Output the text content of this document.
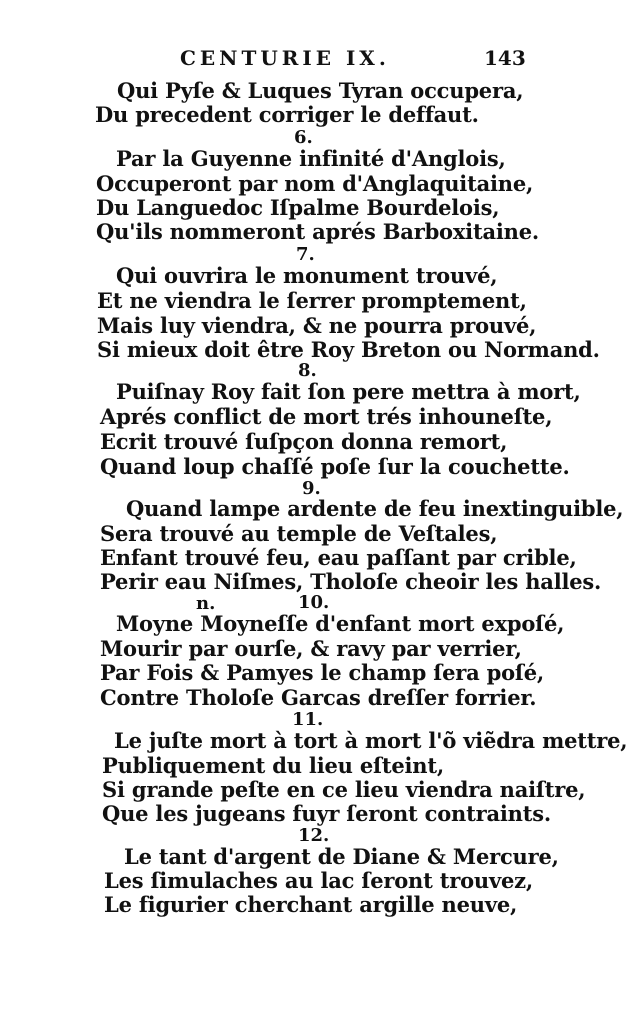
CENTURIE IX.	143
Qui Pyſe & Luques Tyran occupera,
Du precedent corriger le deffaut.
6.
Par la Guyenne infinité d'Anglois,
Occuperont par nom d'Anglaquitaine,
Du Languedoc Iſpalme Bourdelois,
Qu'ils nommeront aprés Barboxitaine.
7.
Qui ouvrira le monument trouvé,
Et ne viendra le ſerrer promptement,
Mais luy viendra, & ne pourra prouvé,
Si mieux doit être Roy Breton ou Normand.
8.
Puiſnay Roy fait ſon pere mettra à mort,
Aprés conflict de mort trés inhouneſte,
Ecrit trouvé ſuſpçon donna remort,
Quand loup chaſſé poſe ſur la couchette.
9.
Quand lampe ardente de feu inextinguible,
Sera trouvé au temple de Veſtales,
Enfant trouvé feu, eau paſſant par crible,
Perir eau Niſmes, Tholoſe cheoir les halles.
n.	10.
Moyne Moyneſſe d'enfant mort expoſé,
Mourir par ourſe, & ravy par verrier,
Par Fois & Pamyes le champ ſera poſé,
Contre Tholoſe Garcas dreſſer forrier.
11.
Le juſte mort à tort à mort l'õ viẽdra mettre,
Publiquement du lieu eſteint,
Si grande peſte en ce lieu viendra naiſtre,
Que les jugeans fuyr ſeront contraints.
12.
Le tant d'argent de Diane & Mercure,
Les ſimulaches au lac ſeront trouvez,
Le figurier cherchant argille neuve,
